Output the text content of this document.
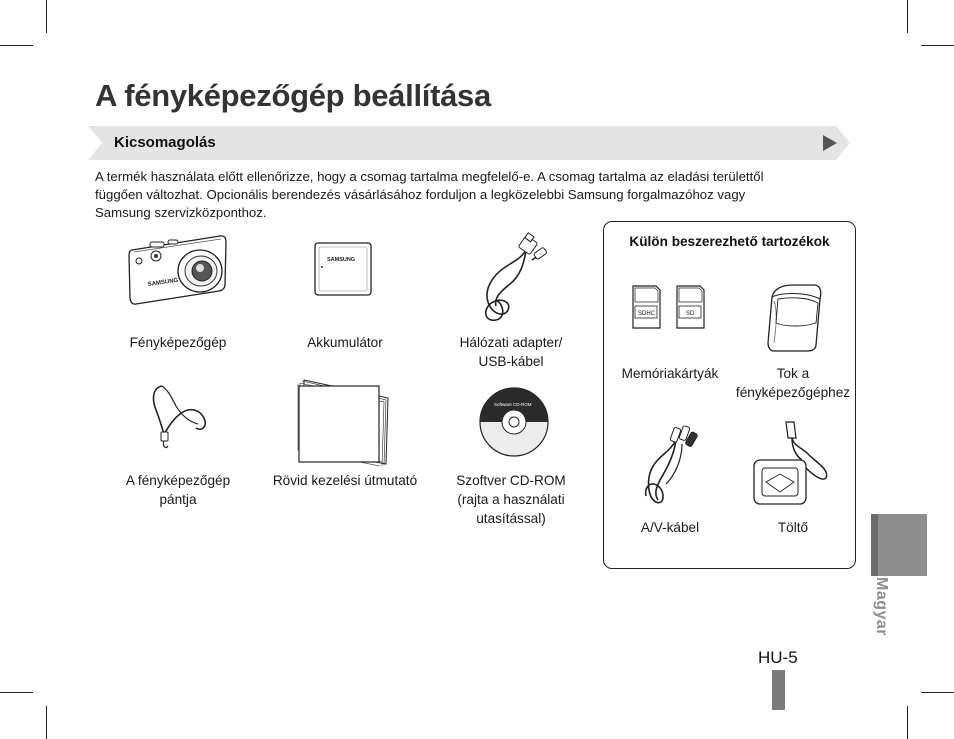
A fényképezőgép beállítása
Kicsomagolás

A termék használata előtt ellenőrizze, hogy a csomag tartalma megfelelő-e. A csomag tartalma az eladási területtől
függően változhat. Opcionális berendezés vásárlásához forduljon a legközelebbi Samsung forgalmazóhoz vagy
Samsung szervizközponthoz.

SAMSUNG
Fényképezőgép
SAMSUNG
Akkumulátor	Hálózati adapter/
USB-kábel
A fényképezőgép
pántja
Rövid kezelési útmutató
Software CD-ROM
Szoftver CD-ROM
(rajta a használati
utasítással)
Külön beszerezhető tartozékok
SDHC	SD
Memóriakártyák	Tok a
fényképezőgéphez
A/V-kábel	Töltő
Magyar
HU-5
